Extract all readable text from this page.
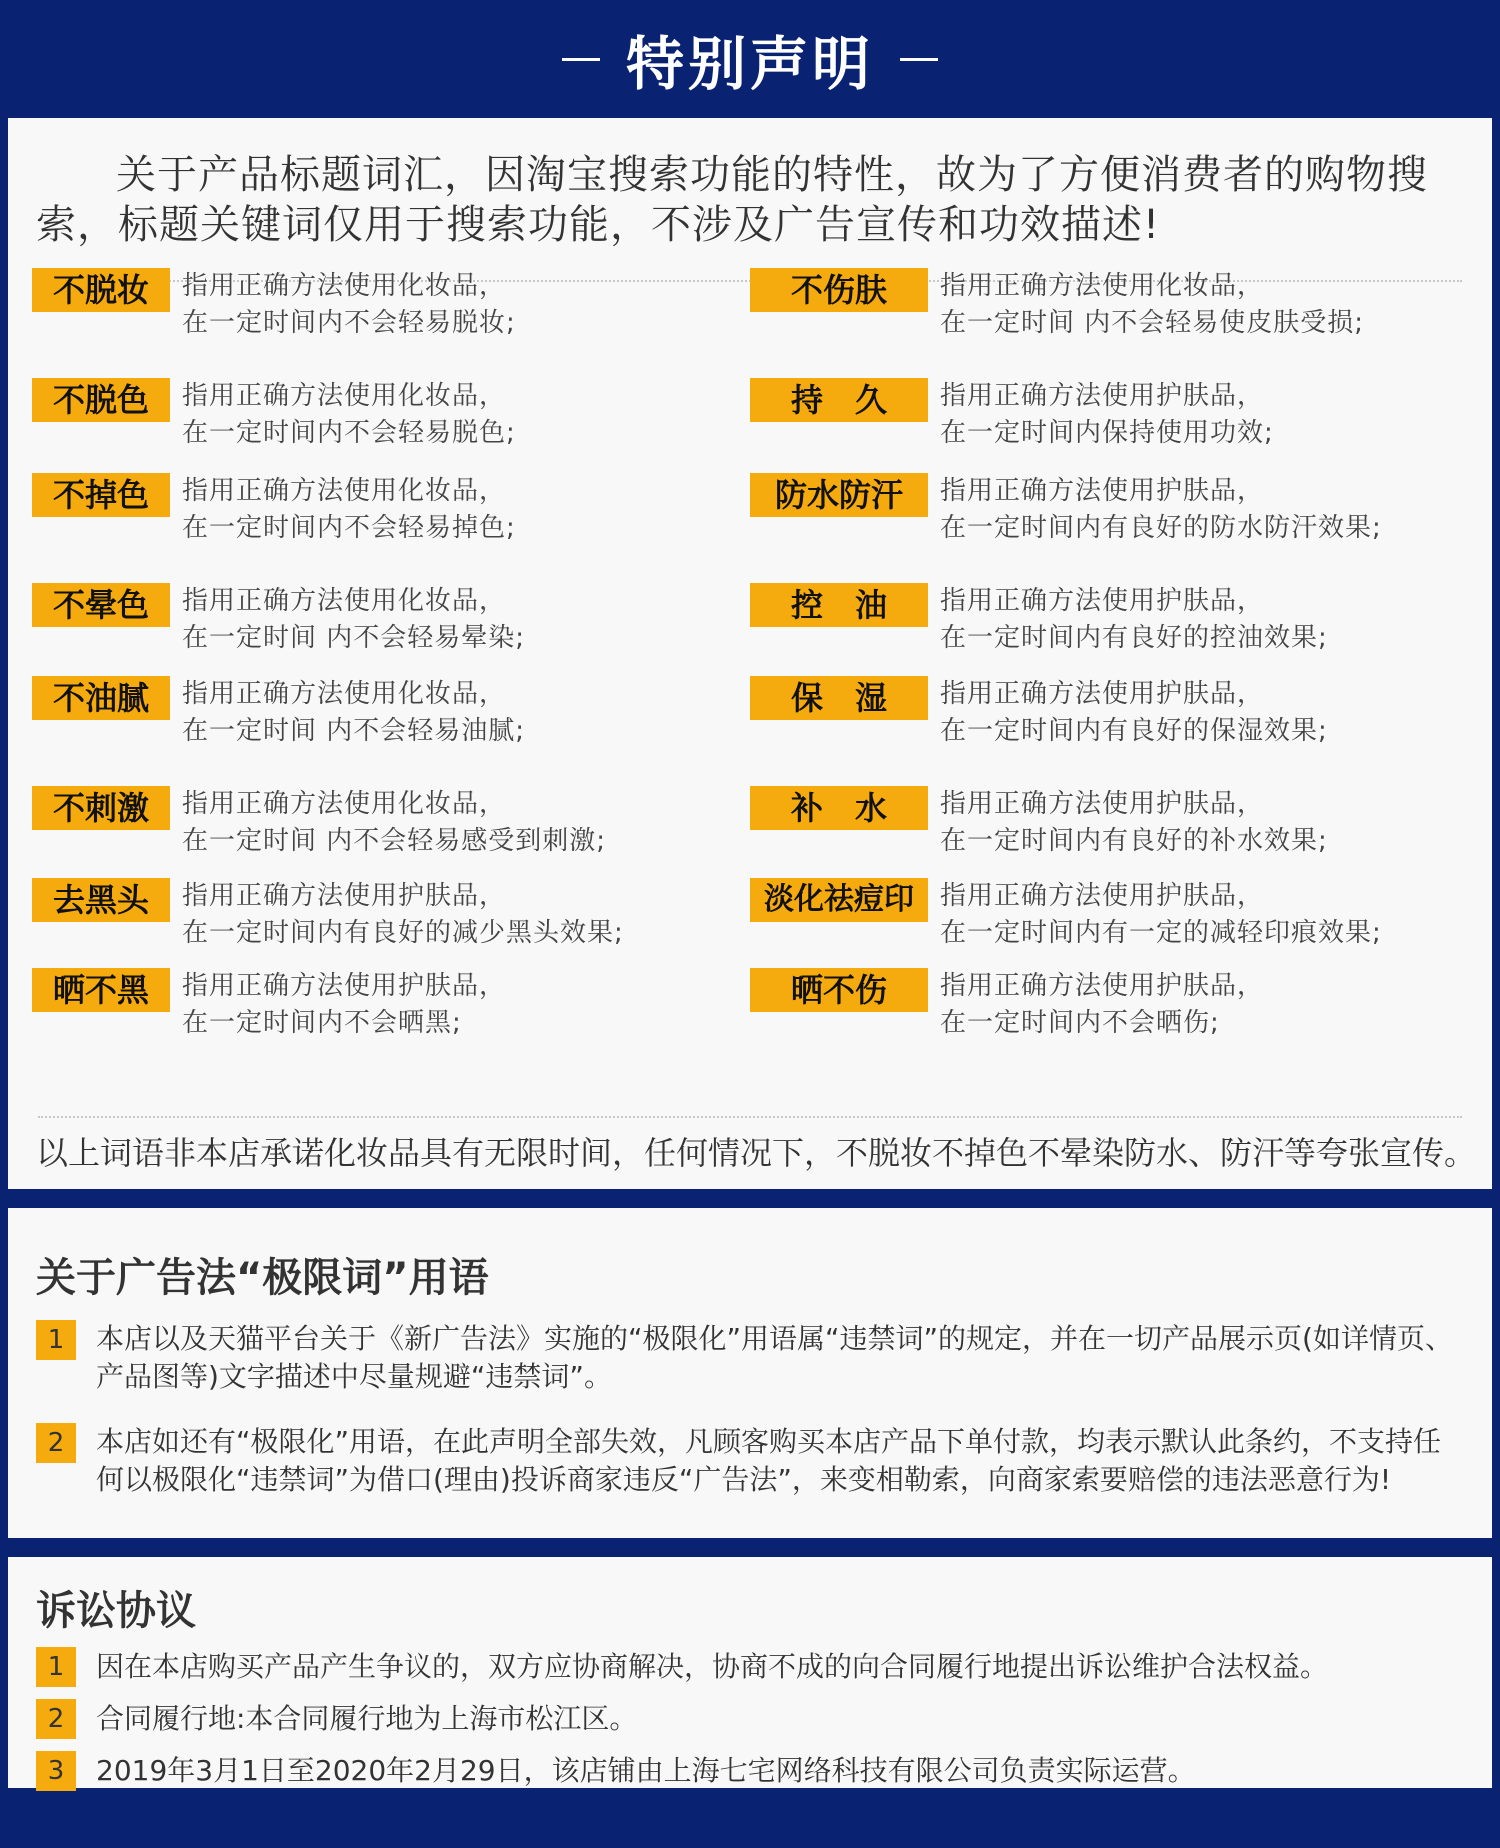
特别声明
关于产品标题词汇，因淘宝搜索功能的特性，故为了方便消费者的购物搜索，标题关键词仅用于搜索功能，不涉及广告宣传和功效描述!
不脱妆	指用正确方法使用化妆品，
在一定时间内不会轻易脱妆;
不脱色	指用正确方法使用化妆品，
在一定时间内不会轻易脱色;
不掉色	指用正确方法使用化妆品，
在一定时间内不会轻易掉色;
不晕色	指用正确方法使用化妆品，
在一定时间 内不会轻易晕染;
不油腻	指用正确方法使用化妆品，
在一定时间 内不会轻易油腻;
不刺激	指用正确方法使用化妆品，
在一定时间 内不会轻易感受到刺激;
去黑头	指用正确方法使用护肤品，
在一定时间内有良好的减少黑头效果;
晒不黑	指用正确方法使用护肤品，
在一定时间内不会晒黑;
不伤肤	指用正确方法使用化妆品，
在一定时间 内不会轻易使皮肤受损;
持　久	指用正确方法使用护肤品，
在一定时间内保持使用功效;
防水防汗	指用正确方法使用护肤品，
在一定时间内有良好的防水防汗效果;
控　油	指用正确方法使用护肤品，
在一定时间内有良好的控油效果;
保　湿	指用正确方法使用护肤品，
在一定时间内有良好的保湿效果;
补　水	指用正确方法使用护肤品，
在一定时间内有良好的补水效果;
淡化祛痘印	指用正确方法使用护肤品，
在一定时间内有一定的减轻印痕效果;
晒不伤	指用正确方法使用护肤品，
在一定时间内不会晒伤;
以上词语非本店承诺化妆品具有无限时间，任何情况下，不脱妆不掉色不晕染防水、防汗等夸张宣传。
关于广告法“极限词”用语
1	本店以及天猫平台关于《新广告法》实施的“极限化”用语属“违禁词”的规定，并在一切产品展示页(如详情页、产品图等)文字描述中尽量规避“违禁词”。
2	本店如还有“极限化”用语，在此声明全部失效，凡顾客购买本店产品下单付款，均表示默认此条约，不支持任何以极限化“违禁词”为借口(理由)投诉商家违反“广告法”，来变相勒索，向商家索要赔偿的违法恶意行为!
诉讼协议
1	因在本店购买产品产生争议的，双方应协商解决，协商不成的向合同履行地提出诉讼维护合法权益。
2	合同履行地:本合同履行地为上海市松江区。
3	2019年3月1日至2020年2月29日，该店铺由上海七宅网络科技有限公司负责实际运营。
